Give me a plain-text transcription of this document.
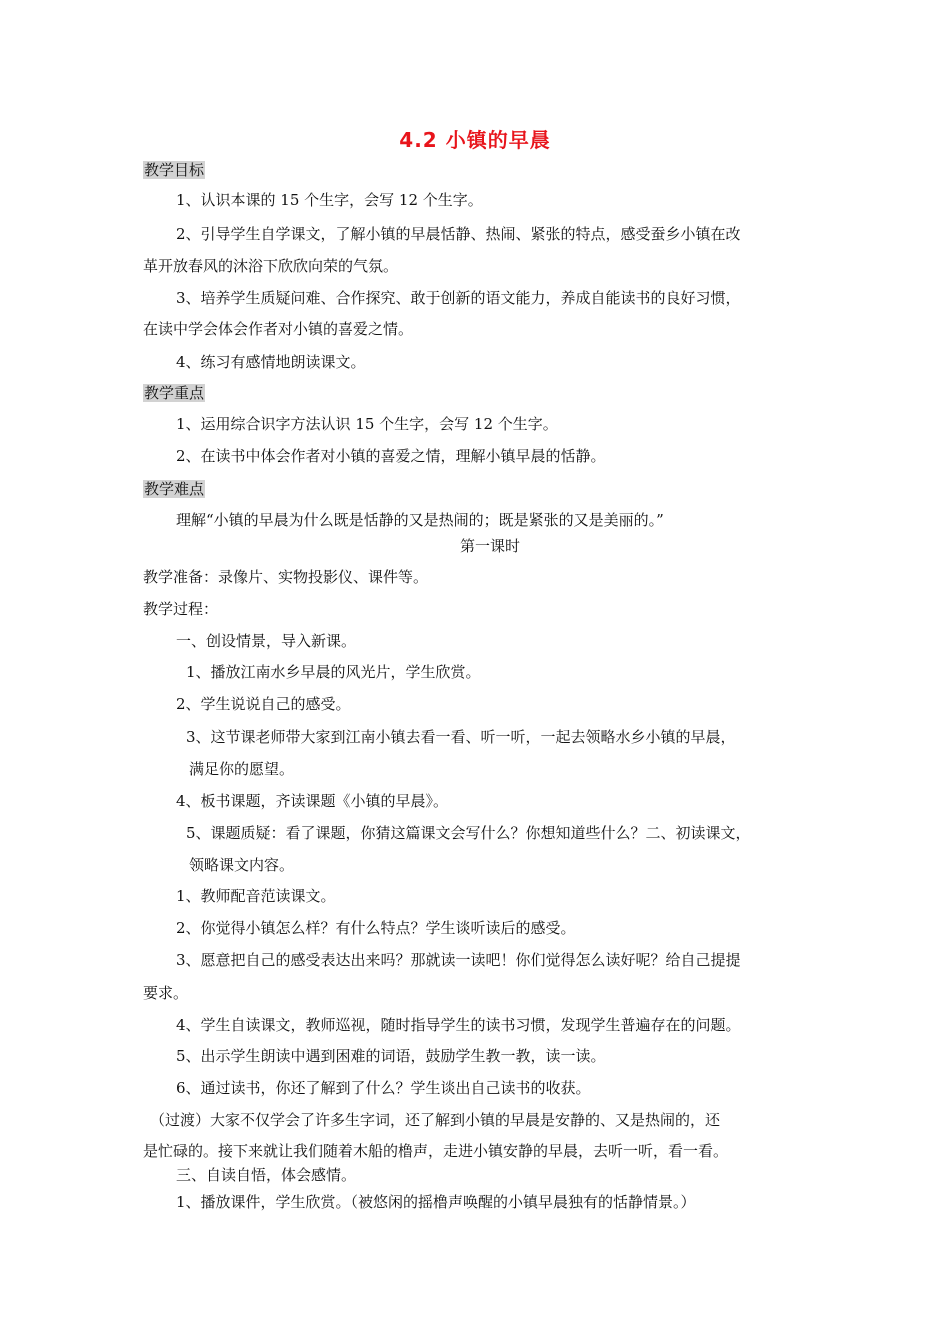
4.2 小镇的早晨
教学目标
1、认识本课的 15 个生字，会写 12 个生字。
2、引导学生自学课文，了解小镇的早晨恬静、热闹、紧张的特点，感受蚕乡小镇在改
革开放春风的沐浴下欣欣向荣的气氛。
3、培养学生质疑问难、合作探究、敢于创新的语文能力，养成自能读书的良好习惯，
在读中学会体会作者对小镇的喜爱之情。
4、练习有感情地朗读课文。
教学重点
1、运用综合识字方法认识 15 个生字，会写 12 个生字。
2、在读书中体会作者对小镇的喜爱之情，理解小镇早晨的恬静。
教学难点
理解“小镇的早晨为什么既是恬静的又是热闹的；既是紧张的又是美丽的。”
第一课时
教学准备：录像片、实物投影仪、课件等。
教学过程：
一、创设情景，导入新课。
1、播放江南水乡早晨的风光片，学生欣赏。
2、学生说说自己的感受。
3、这节课老师带大家到江南小镇去看一看、听一听，一起去领略水乡小镇的早晨，
满足你的愿望。
4、板书课题，齐读课题《小镇的早晨》。
5、课题质疑：看了课题，你猜这篇课文会写什么？你想知道些什么？二、初读课文，
领略课文内容。
1、教师配音范读课文。
2、你觉得小镇怎么样？有什么特点？学生谈听读后的感受。
3、愿意把自己的感受表达出来吗？那就读一读吧！你们觉得怎么读好呢？给自己提提
要求。
4、学生自读课文，教师巡视，随时指导学生的读书习惯，发现学生普遍存在的问题。
5、出示学生朗读中遇到困难的词语，鼓励学生教一教，读一读。
6、通过读书，你还了解到了什么？学生谈出自己读书的收获。
（过渡）大家不仅学会了许多生字词，还了解到小镇的早晨是安静的、又是热闹的，还
是忙碌的。接下来就让我们随着木船的橹声，走进小镇安静的早晨，去听一听，看一看。
三、自读自悟，体会感情。
1、播放课件，学生欣赏。（被悠闲的摇橹声唤醒的小镇早晨独有的恬静情景。）
